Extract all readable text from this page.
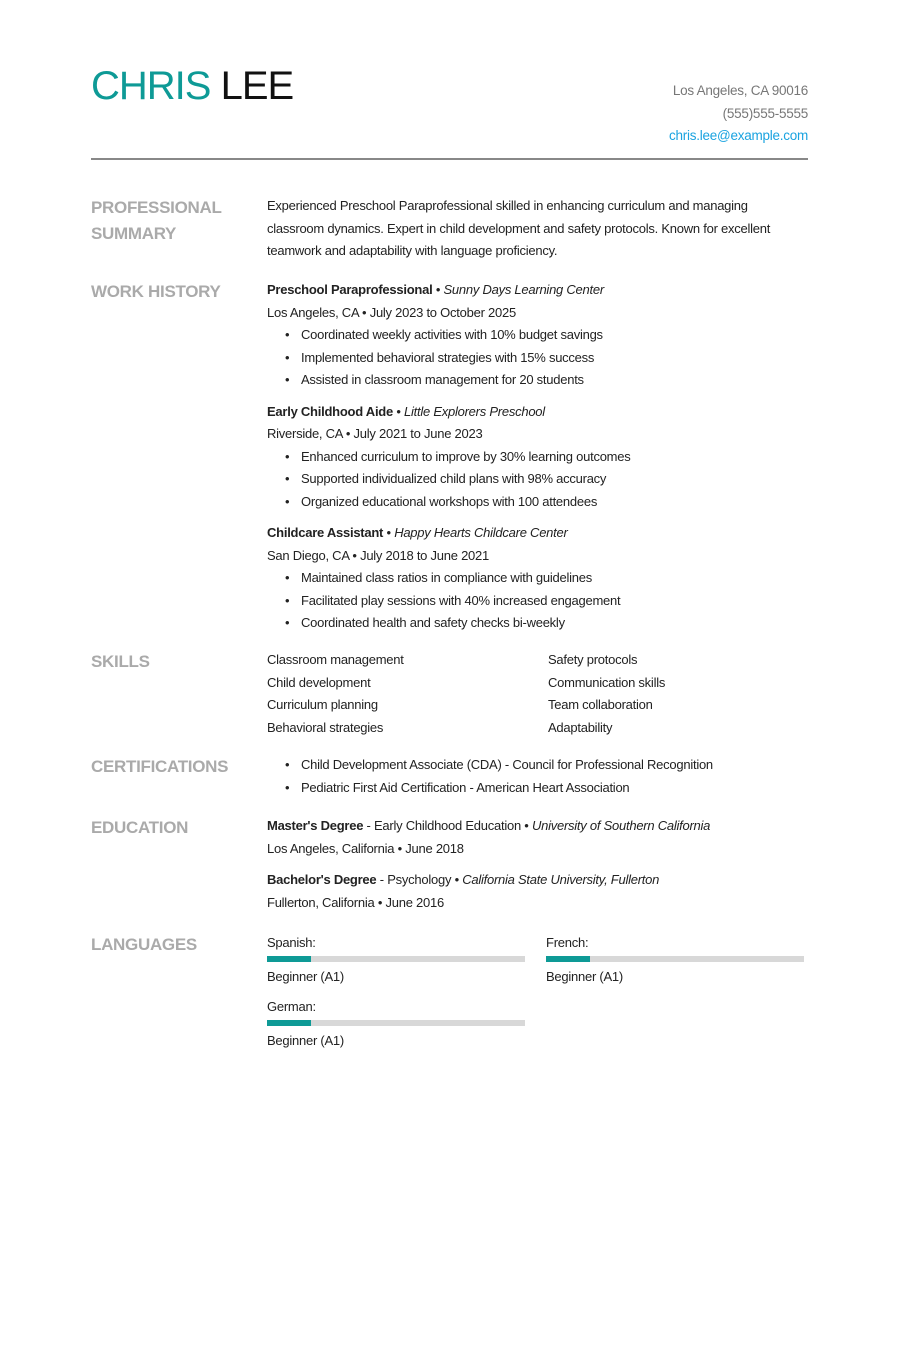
CHRIS LEE	Los Angeles, CA 90016
(555)555-5555
chris.lee@example.com
PROFESSIONAL SUMMARY
Experienced Preschool Paraprofessional skilled in enhancing curriculum and managing classroom dynamics. Expert in child development and safety protocols. Known for excellent teamwork and adaptability with language proficiency.
WORK HISTORY	Preschool Paraprofessional • Sunny Days Learning Center
Los Angeles, CA • July 2023 to October 2025
• Coordinated weekly activities with 10% budget savings
• Implemented behavioral strategies with 15% success
• Assisted in classroom management for 20 students
Early Childhood Aide • Little Explorers Preschool
Riverside, CA • July 2021 to June 2023
• Enhanced curriculum to improve by 30% learning outcomes
• Supported individualized child plans with 98% accuracy
• Organized educational workshops with 100 attendees
Childcare Assistant • Happy Hearts Childcare Center
San Diego, CA • July 2018 to June 2021
• Maintained class ratios in compliance with guidelines
• Facilitated play sessions with 40% increased engagement
• Coordinated health and safety checks bi-weekly
SKILLS	Classroom management	Safety protocols
Child development	Communication skills
Curriculum planning	Team collaboration
Behavioral strategies	Adaptability
CERTIFICATIONS	• Child Development Associate (CDA) - Council for Professional Recognition
• Pediatric First Aid Certification - American Heart Association
EDUCATION	Master's Degree - Early Childhood Education • University of Southern California
Los Angeles, California • June 2018
Bachelor's Degree - Psychology • California State University, Fullerton
Fullerton, California • June 2016
LANGUAGES	Spanish:
Beginner (A1)
French:
Beginner (A1)
German:
Beginner (A1)
